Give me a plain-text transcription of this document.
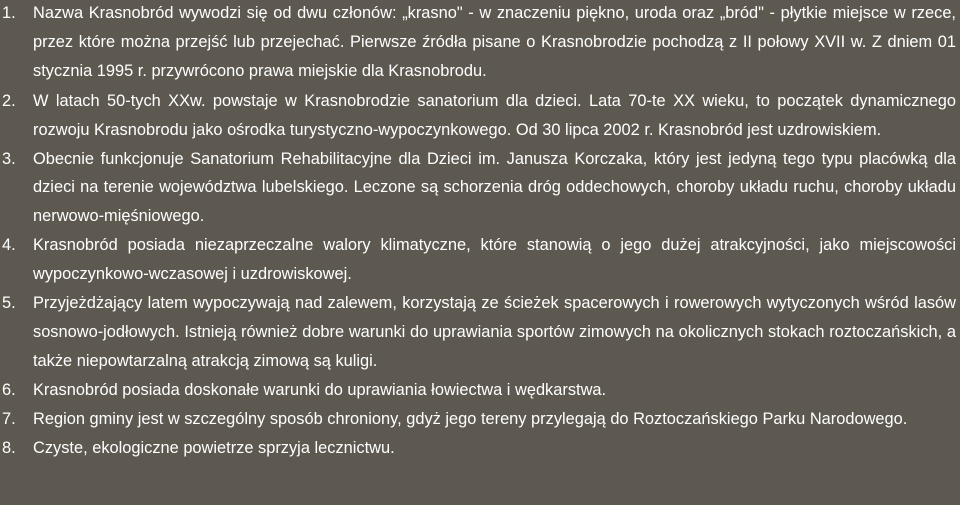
1. Nazwa Krasnobród wywodzi się od dwu członów: „krasno" - w znaczeniu pięknо, uroda oraz „bród" - płytkie miejsce w rzece, przez które można przejść lub przejechać. Pierwsze źródła pisane o Krasnobrodzie pochodzą z II połowy XVII w. Z dniem 01 stycznia 1995 r. przywrócono prawa miejskie dla Krasnobrodu.
2. W latach 50-tych XXw. powstaje w Krasnobrodzie sanatorium dla dzieci. Lata 70-te XX wieku, to początek dynamicznego rozwoju Krasnobrodu jako ośrodka turystyczno-wypoczynkowego. Od 30 lipca 2002 r. Krasnobród jest uzdrowiskiem.
3. Obecnie funkcjonuje Sanatorium Rehabilitacyjne dla Dzieci im. Janusza Korczaka, który jest jedyną tego typu placówką dla dzieci na terenie województwa lubelskiego. Leczone są schorzenia dróg oddechowych, choroby układu ruchu, choroby układu nerwowo-mięśniowego.
4. Krasnobród posiada niezaprzeczalne walory klimatyczne, które stanowią o jego dużej atrakcyjności, jako miejscowości wypoczynkowo-wczasowej i uzdrowiskowej.
5. Przyjeżdżający latem wypoczywają nad zalewem, korzystają ze ścieżek spacerowych i rowerowych wytyczonych wśród lasów sosnowo-jodłowych. Istnieją również dobre warunki do uprawiania sportów zimowych na okolicznych stokach roztoczańskich, a także niepowtarzalną atrakcją zimową są kuligi.
6. Krasnobród posiada doskonałe warunki do uprawiania łowiectwa i wędkarstwa.
7. Region gminy jest w szczególny sposób chroniony, gdyż jego tereny przylegają do Roztoczańskiego Parku Narodowego.
8. Czyste, ekologiczne powietrze sprzyja lecznictwu.
